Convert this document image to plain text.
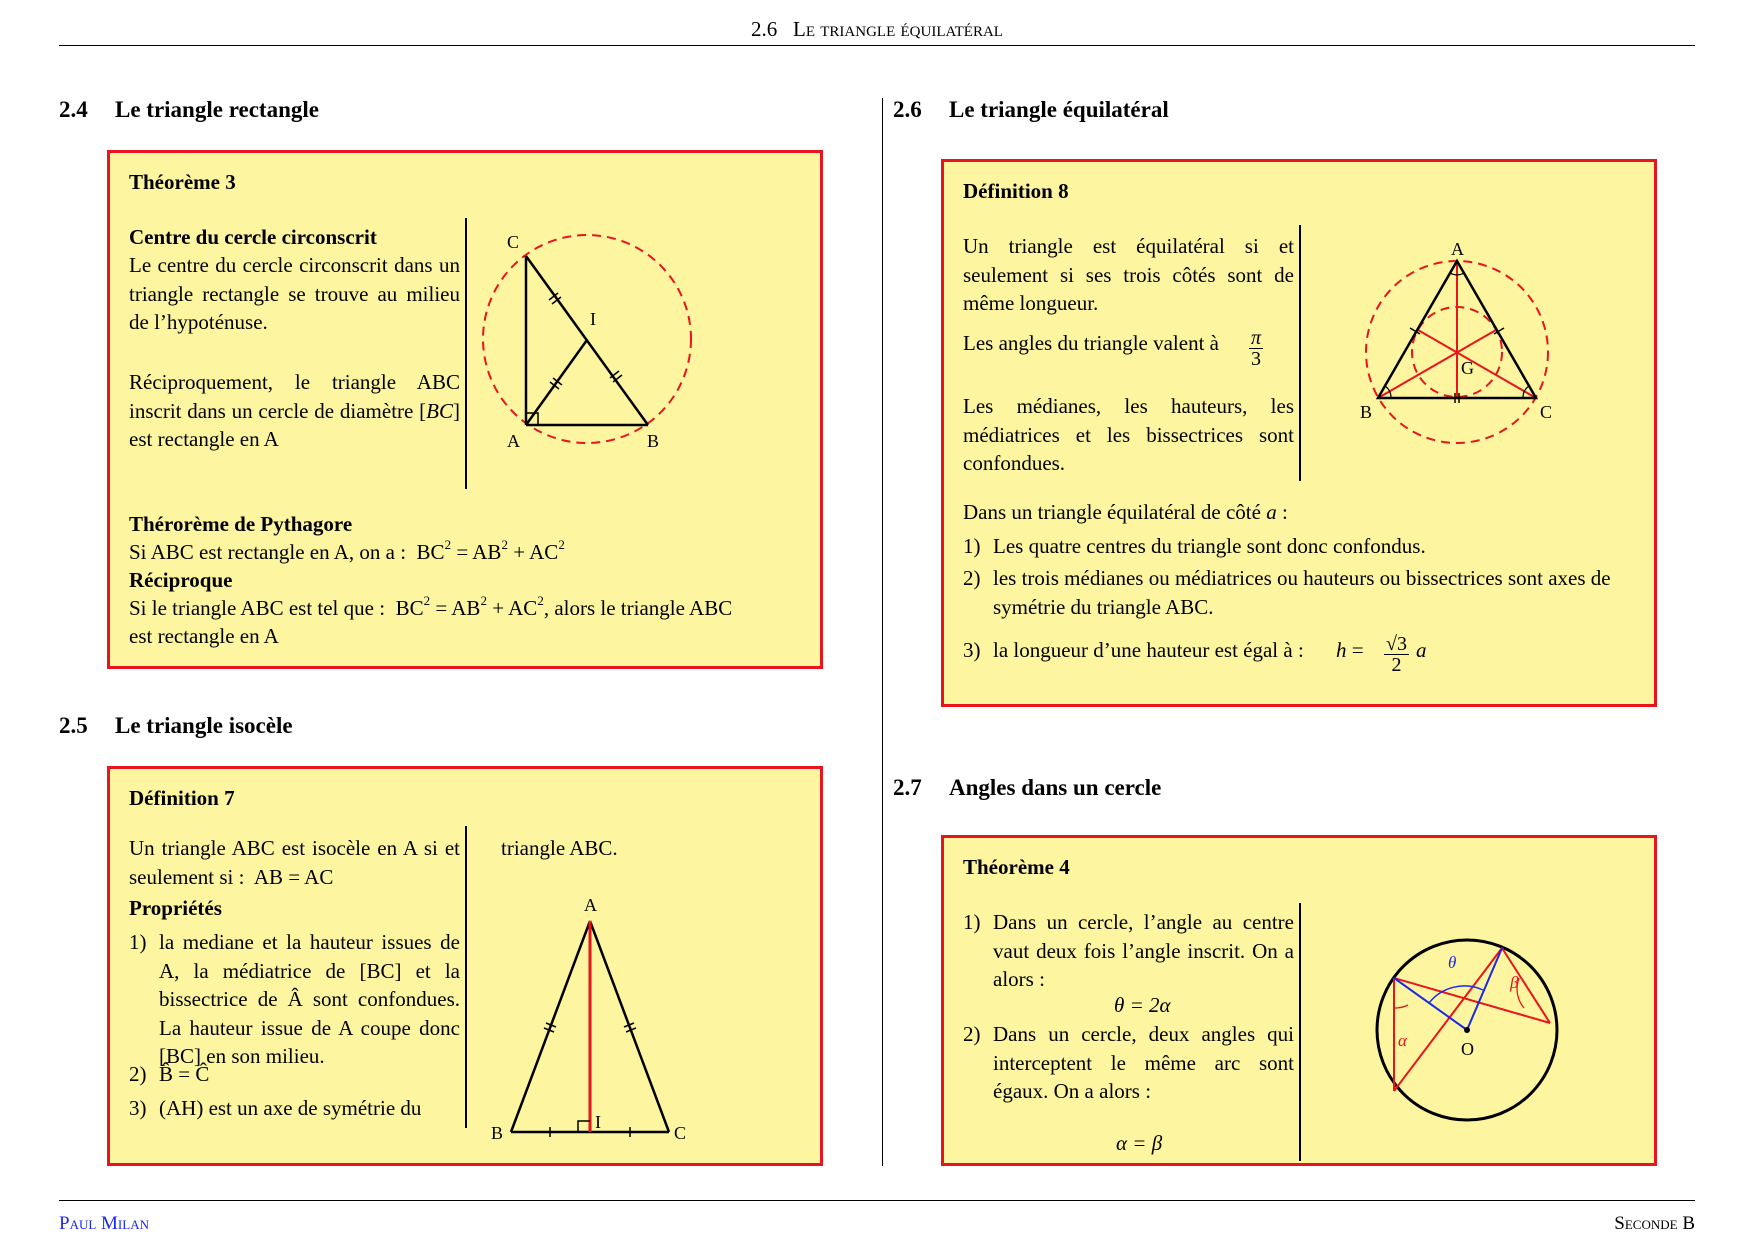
2.6 Le triangle équilatéral
2.4 Le triangle rectangle
Théorème 3
Centre du cercle circonscrit
Le centre du cercle circonscrit dans un triangle rectangle se trouve au milieu de l’hypoténuse.
Réciproquement, le triangle ABC inscrit dans un cercle de diamètre [BC] est rectangle en A
C
A	B
I
Thérorème de Pythagore
Si ABC est rectangle en A, on a : $BC^2 = AB^2 + AC^2$
Réciproque
Si le triangle ABC est tel que : $BC^2 = AB^2 + AC^2$, alors le triangle ABC
est rectangle en A
2.5 Le triangle isocèle
Définition 7
Un triangle ABC est isocèle en A si et seulement si : AB = AC
Propriétés
1) la mediane et la hauteur issues de A, la médiatrice de [BC] et la bissectrice de Â sont confondues. La hauteur issue de A coupe donc [BC] en son milieu.
2) B̂ = Ĉ
3) (AH) est un axe de symétrie du
triangle ABC.
A
B	C
I
2.6 Le triangle équilatéral
Définition 8
Un triangle est équilatéral si et seulement si ses trois côtés sont de même longueur.
Les angles du triangle valent à $\frac{\pi}{3}$
Les médianes, les hauteurs, les médiatrices et les bissectrices sont confondues.
A
B	C
G
Dans un triangle équilatéral de côté a :
1) Les quatre centres du triangle sont donc confondus.
2) les trois médianes ou médiatrices ou hauteurs ou bissectrices sont axes de symétrie du triangle ABC.
3) la longueur d’une hauteur est égal à : $h = \frac{√3}{2}$ a
2.7 Angles dans un cercle
Théorème 4
1) Dans un cercle, l’angle au centre vaut deux fois l’angle inscrit. On a alors :
θ = 2α
2) Dans un cercle, deux angles qui interceptent le même arc sont égaux. On a alors :
α = β
θ
β
α	O
Paul Milan	Seconde B
